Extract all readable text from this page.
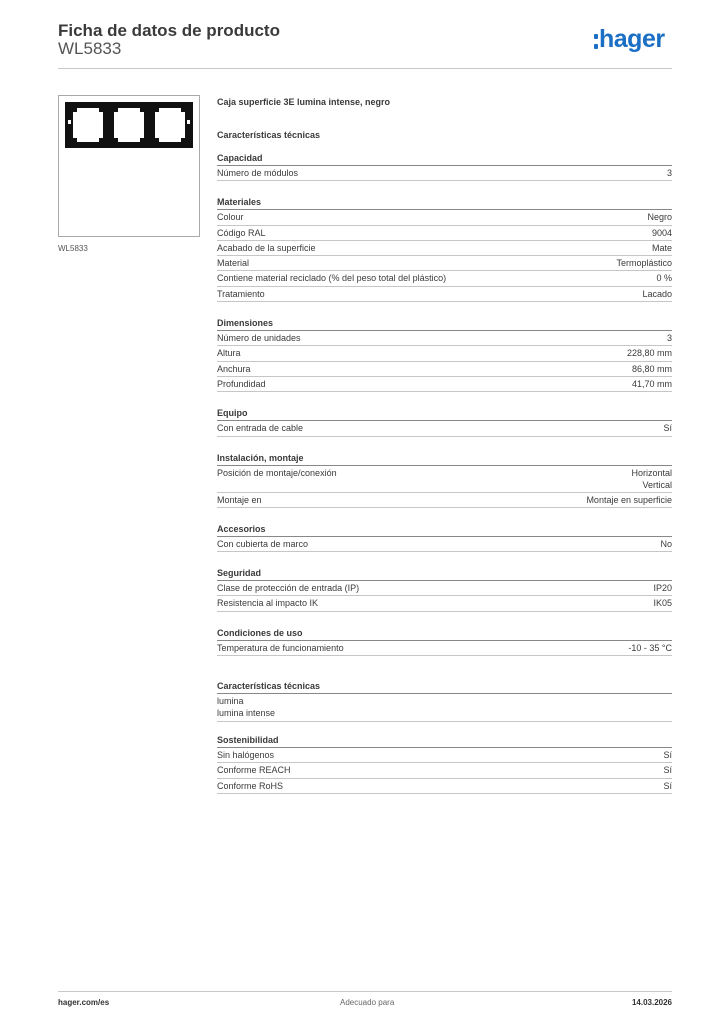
Ficha de datos de producto
WL5833	hager
WL5833
Caja superficie 3E lumina intense, negro
Características técnicas
Capacidad
Número de módulos	3
Materiales
Colour	Negro
Código RAL	9004
Acabado de la superficie	Mate
Material	Termoplástico
Contiene material reciclado (% del peso total del plástico)	0 %
Tratamiento	Lacado
Dimensiones
Número de unidades	3
Altura	228,80 mm
Anchura	86,80 mm
Profundidad	41,70 mm
Equipo
Con entrada de cable	Sí
Instalación, montaje
Posición de montaje/conexión	Horizontal
Vertical
Montaje en	Montaje en superficie
Accesorios
Con cubierta de marco	No
Seguridad
Clase de protección de entrada (IP)	IP20
Resistencia al impacto IK	IK05
Condiciones de uso
Temperatura de funcionamiento	-10 - 35 °C
Características técnicas
lumina
lumina intense
Sostenibilidad
Sin halógenos	Sí
Conforme REACH	Sí
Conforme RoHS	Sí
hager.com/es	Adecuado para	14.03.2026
